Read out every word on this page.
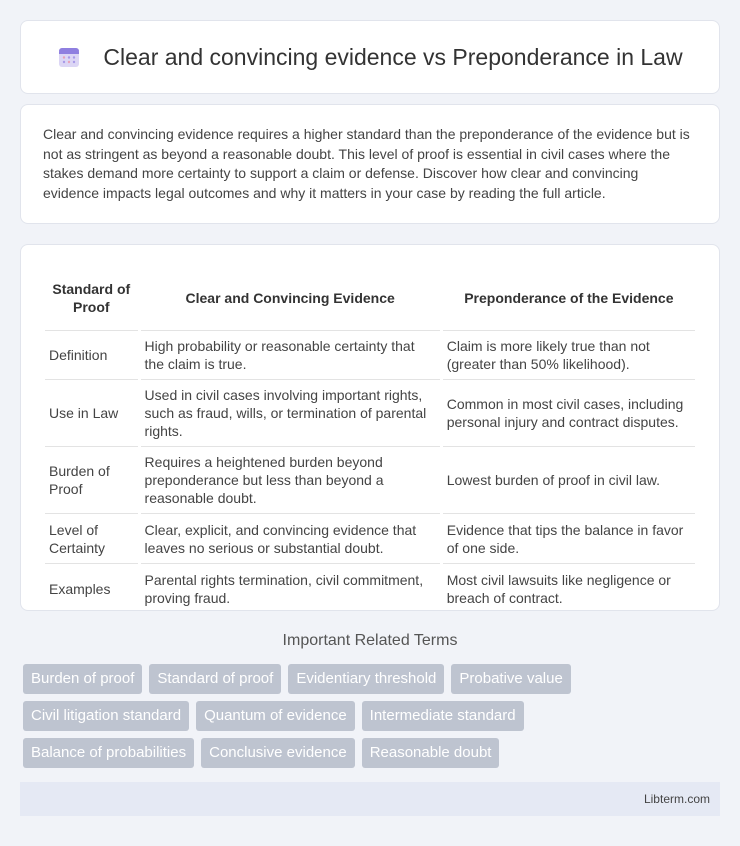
Clear and convincing evidence vs Preponderance in Law

Clear and convincing evidence requires a higher standard than the preponderance of the evidence but is not as stringent as beyond a reasonable doubt. This level of proof is essential in civil cases where the stakes demand more certainty to support a claim or defense. Discover how clear and convincing evidence impacts legal outcomes and why it matters in your case by reading the full article.

Standard of Proof	Clear and Convincing Evidence	Preponderance of the Evidence
Definition	High probability or reasonable certainty that the claim is true.	Claim is more likely true than not (greater than 50% likelihood).
Use in Law	Used in civil cases involving important rights, such as fraud, wills, or termination of parental rights.	Common in most civil cases, including personal injury and contract disputes.
Burden of Proof	Requires a heightened burden beyond preponderance but less than beyond a reasonable doubt.	Lowest burden of proof in civil law.
Level of Certainty	Clear, explicit, and convincing evidence that leaves no serious or substantial doubt.	Evidence that tips the balance in favor of one side.
Examples	Parental rights termination, civil commitment, proving fraud.	Most civil lawsuits like negligence or breach of contract.
Important Related Terms
Burden of proof	Standard of proof	Evidentiary threshold	Probative value
Civil litigation standard	Quantum of evidence	Intermediate standard
Balance of probabilities	Conclusive evidence	Reasonable doubt
Libterm.com
